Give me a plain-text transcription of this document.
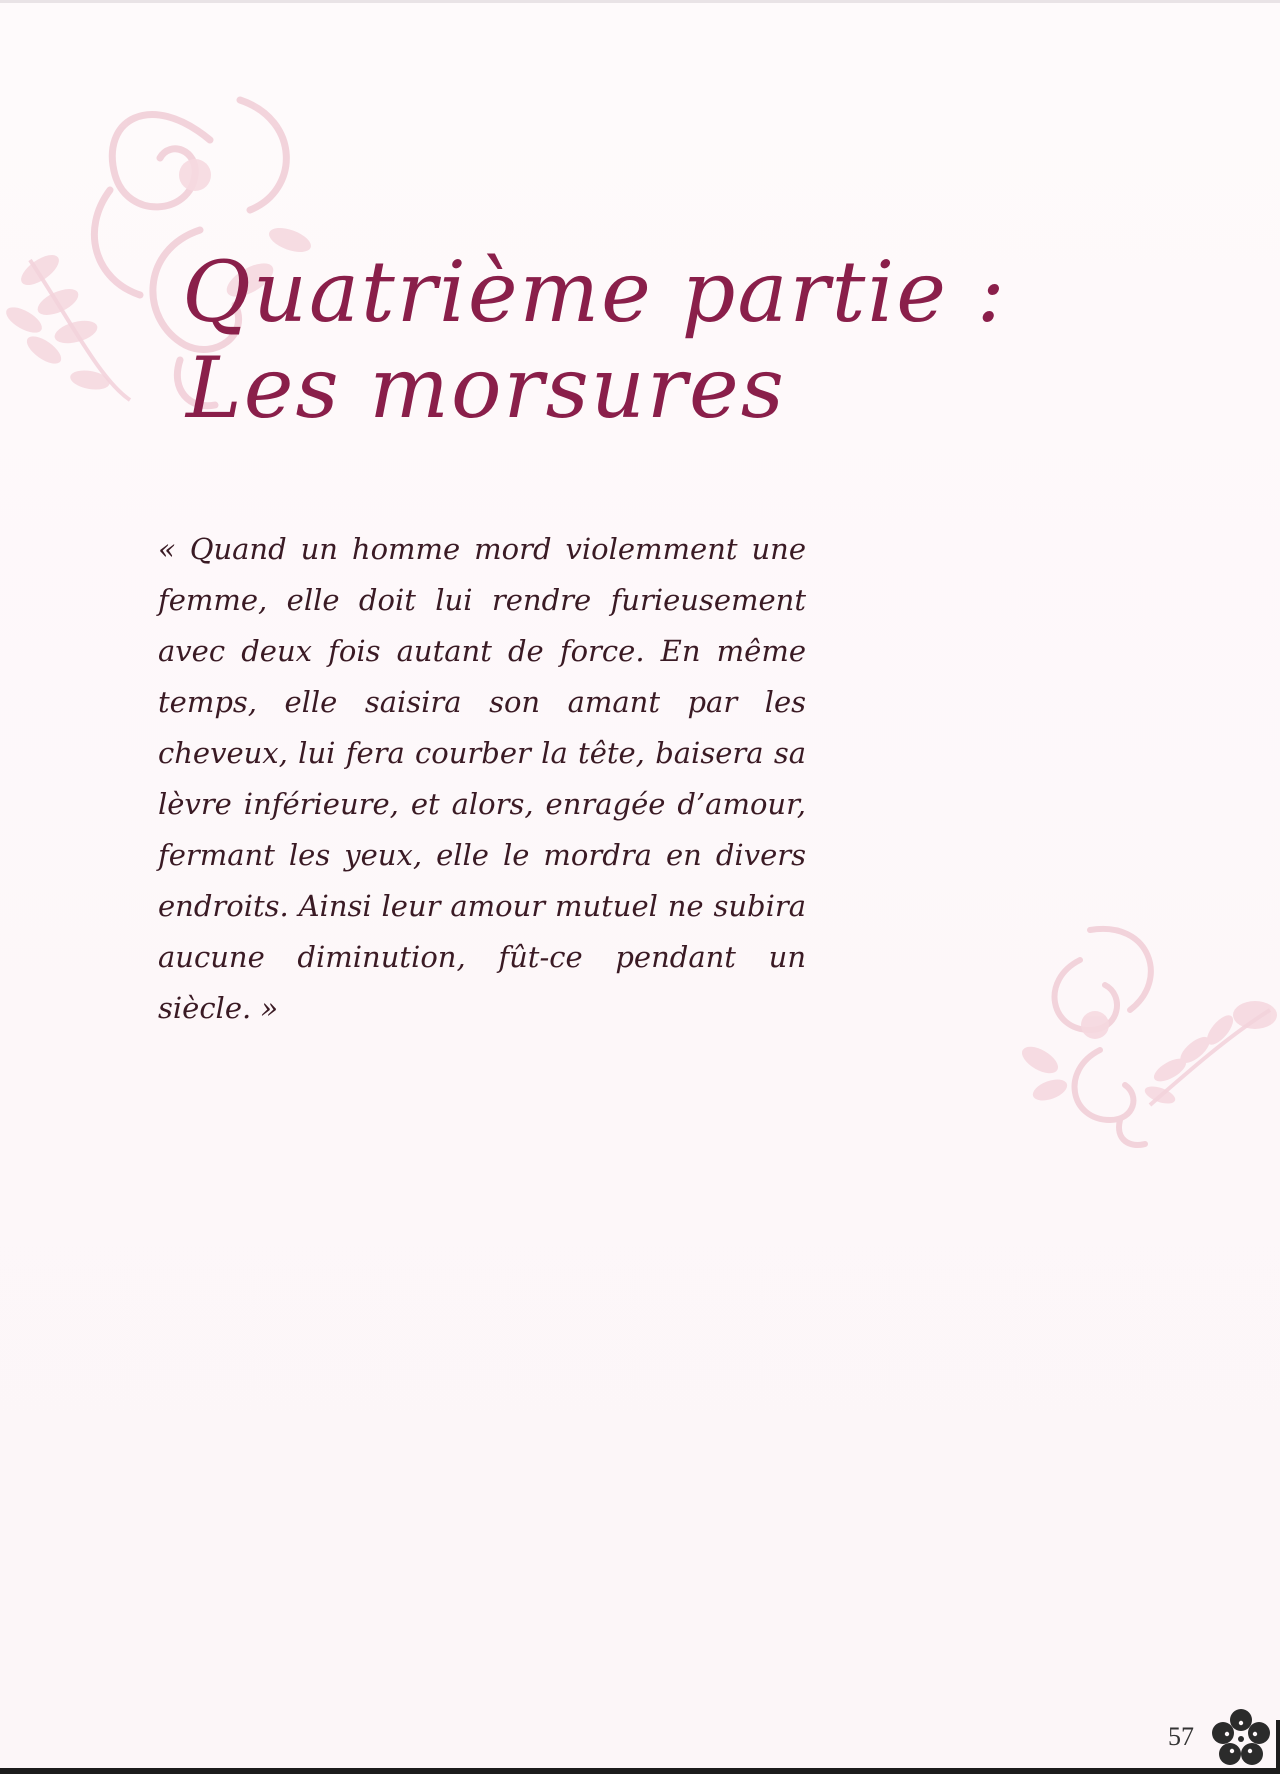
Quatrième partie :
Les morsures

« Quand un homme mord violemment une femme, elle doit lui rendre furieusement avec deux fois autant de force. En même temps, elle saisira son amant par les cheveux, lui fera courber la tête, baisera sa lèvre inférieure, et alors, enragée d’amour, fermant les yeux, elle le mordra en divers endroits. Ainsi leur amour mutuel ne subira aucune diminution, fût-ce pendant un siècle. »

57
